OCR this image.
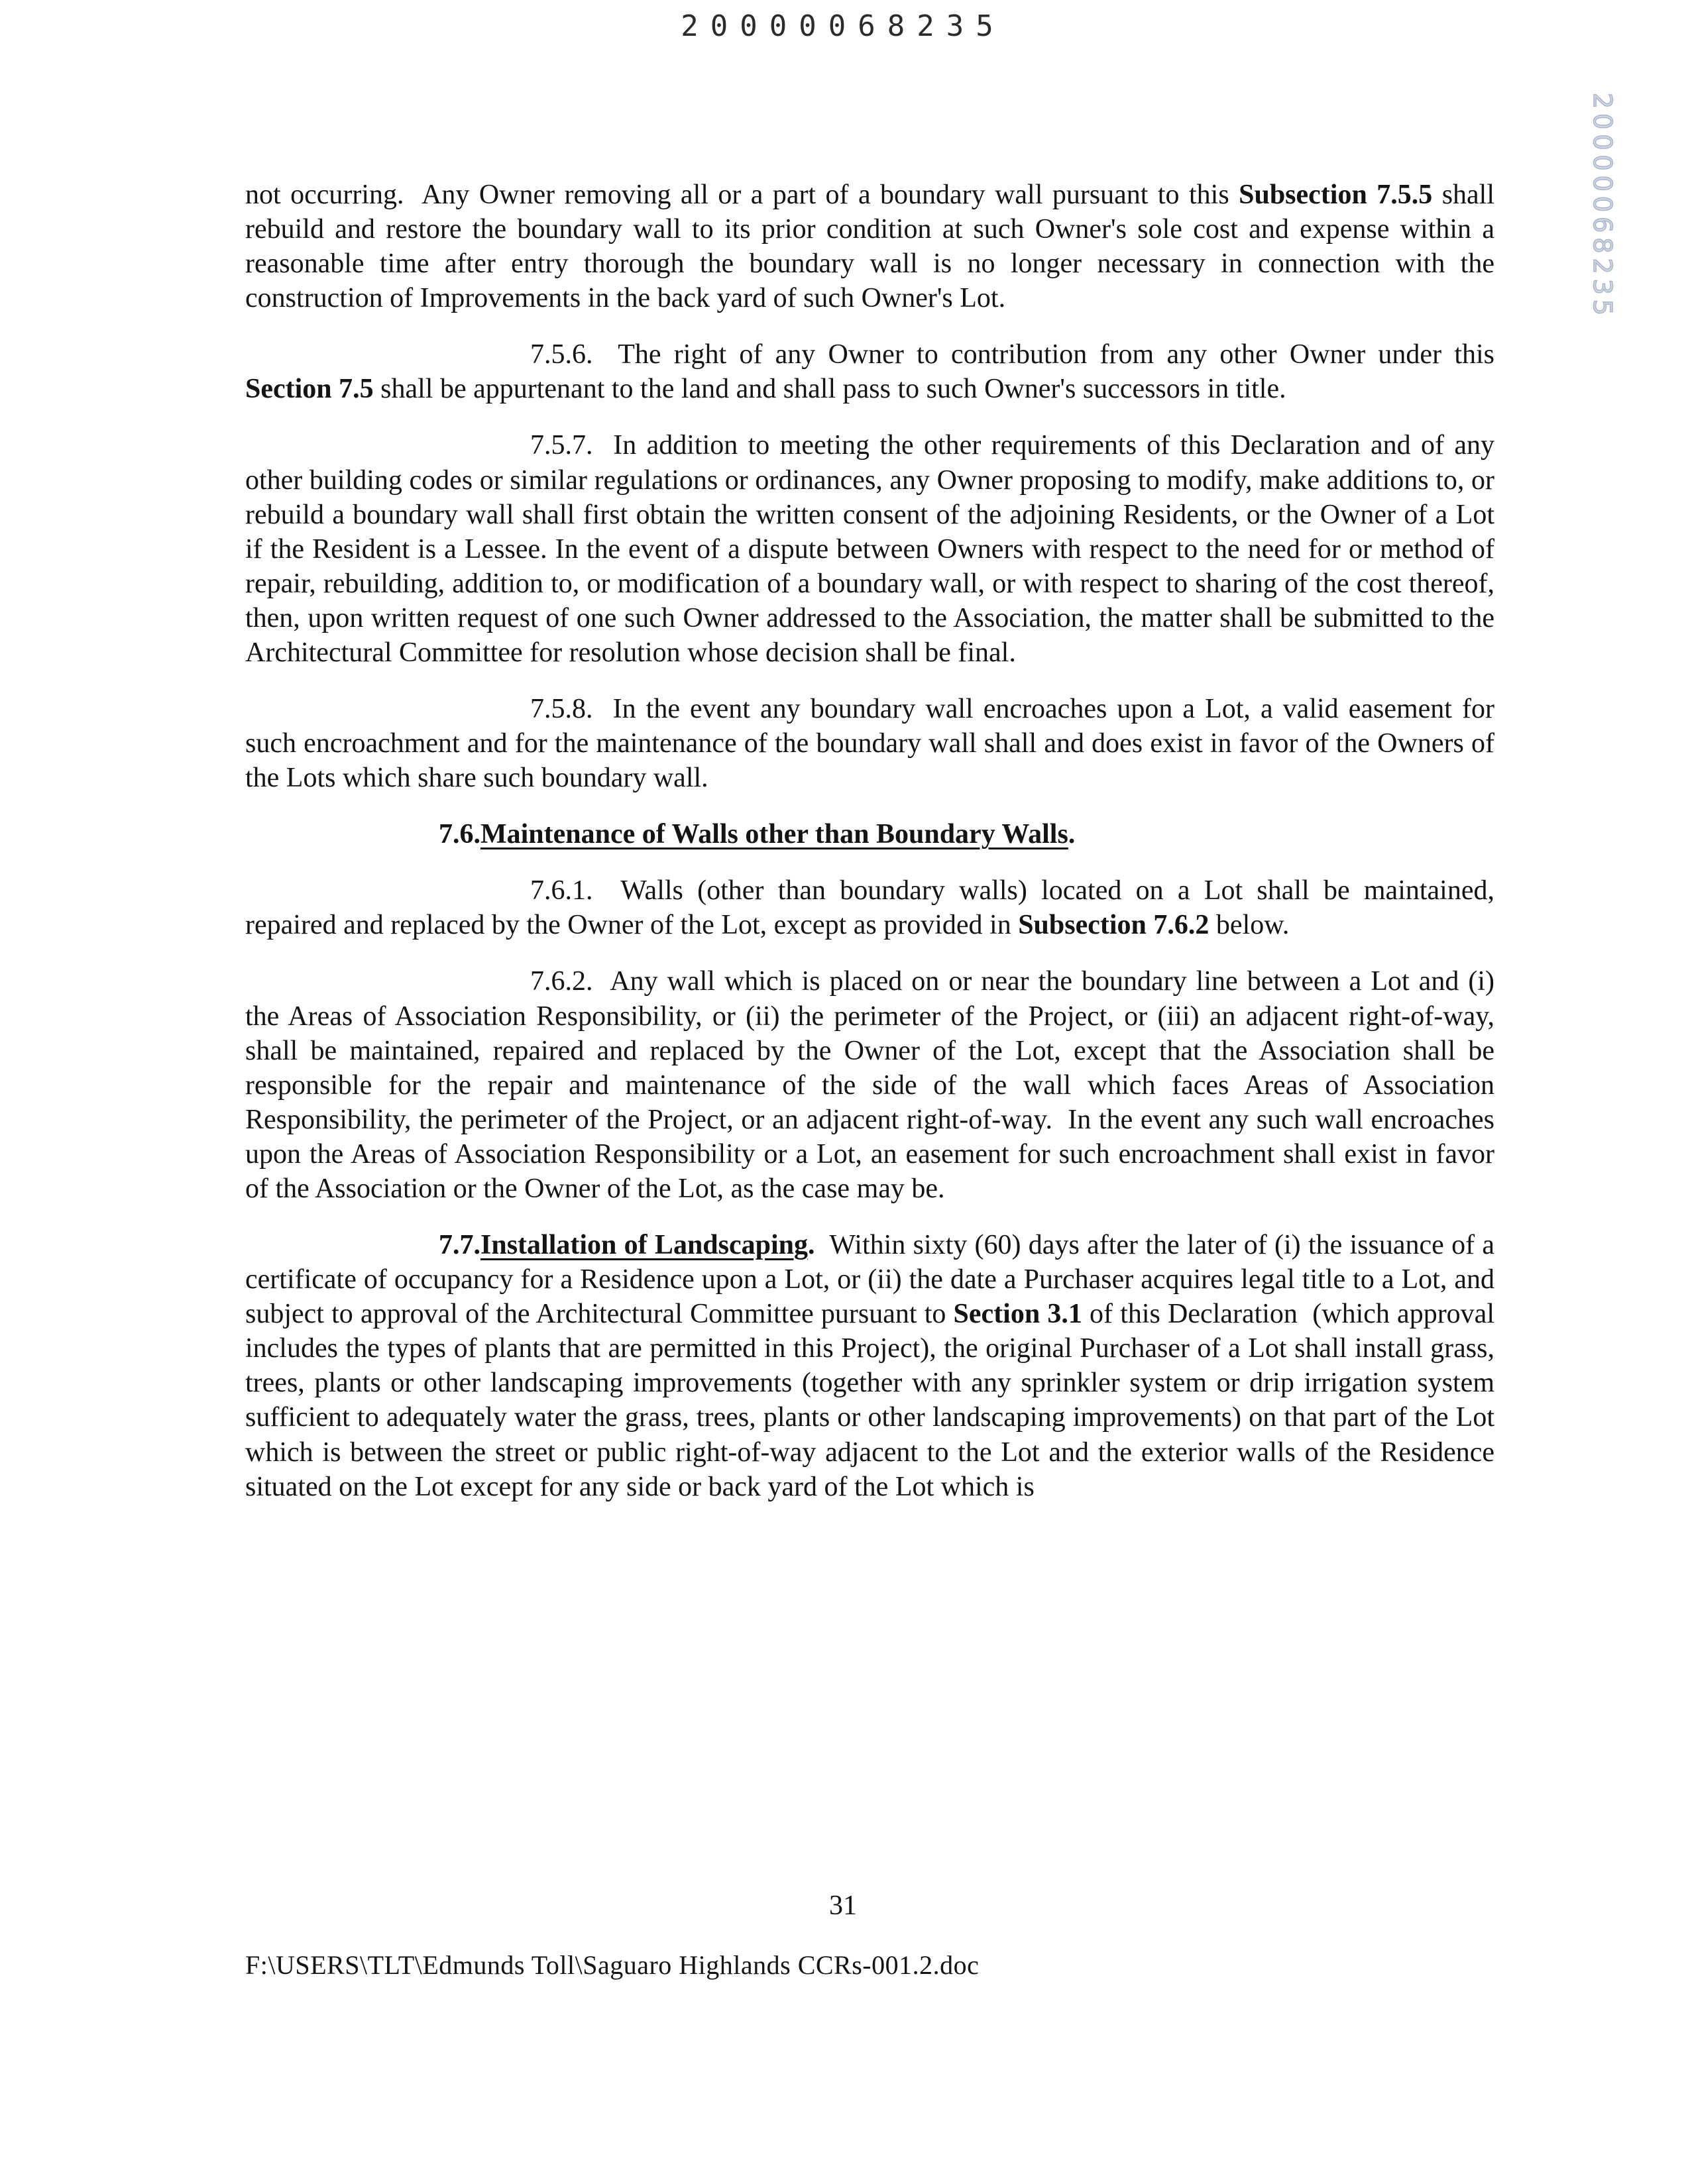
20000068235
20000068235

not occurring.  Any Owner removing all or a part of a boundary wall pursuant to this Subsection 7.5.5 shall rebuild and restore the boundary wall to its prior condition at such Owner's sole cost and expense within a reasonable time after entry thorough the boundary wall is no longer necessary in connection with the construction of Improvements in the back yard of such Owner's Lot.

7.5.6.  The right of any Owner to contribution from any other Owner under this Section 7.5 shall be appurtenant to the land and shall pass to such Owner's successors in title.

7.5.7.  In addition to meeting the other requirements of this Declaration and of any other building codes or similar regulations or ordinances, any Owner proposing to modify, make additions to, or rebuild a boundary wall shall first obtain the written consent of the adjoining Residents, or the Owner of a Lot if the Resident is a Lessee. In the event of a dispute between Owners with respect to the need for or method of repair, rebuilding, addition to, or modification of a boundary wall, or with respect to sharing of the cost thereof, then, upon written request of one such Owner addressed to the Association, the matter shall be submitted to the Architectural Committee for resolution whose decision shall be final.

7.5.8.  In the event any boundary wall encroaches upon a Lot, a valid easement for such encroachment and for the maintenance of the boundary wall shall and does exist in favor of the Owners of the Lots which share such boundary wall.

7.6.Maintenance of Walls other than Boundary Walls.

7.6.1.  Walls (other than boundary walls) located on a Lot shall be maintained, repaired and replaced by the Owner of the Lot, except as provided in Subsection 7.6.2 below.

7.6.2.  Any wall which is placed on or near the boundary line between a Lot and (i) the Areas of Association Responsibility, or (ii) the perimeter of the Project, or (iii) an adjacent right-of-way, shall be maintained, repaired and replaced by the Owner of the Lot, except that the Association shall be responsible for the repair and maintenance of the side of the wall which faces Areas of Association Responsibility, the perimeter of the Project, or an adjacent right-of-way.  In the event any such wall encroaches upon the Areas of Association Responsibility or a Lot, an easement for such encroachment shall exist in favor of the Association or the Owner of the Lot, as the case may be.

7.7.Installation of Landscaping.  Within sixty (60) days after the later of (i) the issuance of a certificate of occupancy for a Residence upon a Lot, or (ii) the date a Purchaser acquires legal title to a Lot, and subject to approval of the Architectural Committee pursuant to Section 3.1 of this Declaration  (which approval includes the types of plants that are permitted in this Project), the original Purchaser of a Lot shall install grass, trees, plants or other landscaping improvements (together with any sprinkler system or drip irrigation system sufficient to adequately water the grass, trees, plants or other landscaping improvements) on that part of the Lot which is between the street or public right-of-way adjacent to the Lot and the exterior walls of the Residence situated on the Lot except for any side or back yard of the Lot which is

31
F:\USERS\TLT\Edmunds Toll\Saguaro Highlands CCRs-001.2.doc
